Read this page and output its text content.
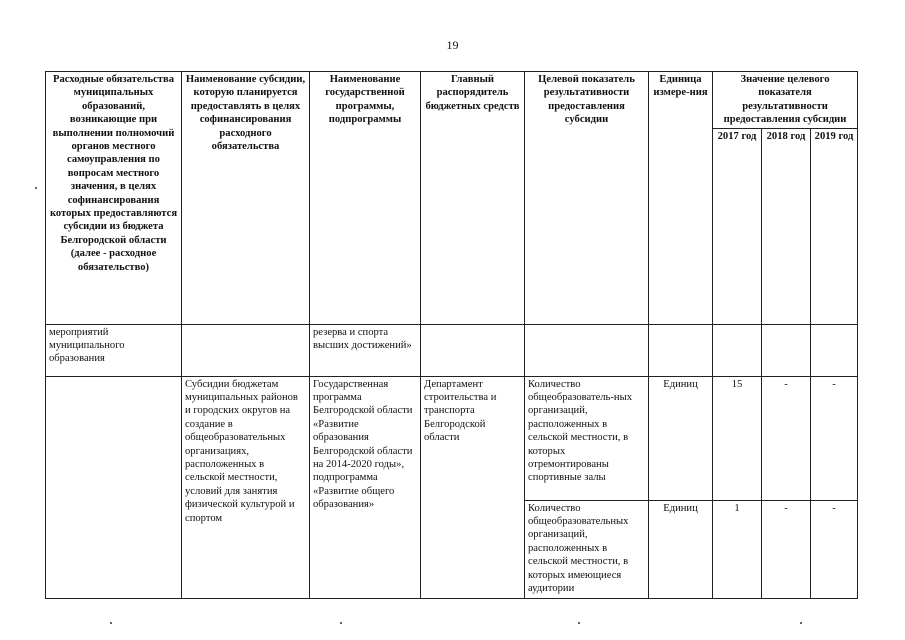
19
Расходные обязательства муниципальных образований, возникающие при выполнении полномочий органов местного самоуправления по вопросам местного значения, в целях софинансирования которых предоставляются субсидии из бюджета Белгородской области (далее - расходное обязательство)	Наименование субсидии, которую планируется предоставлять в целях софинансирования расходного обязательства	Наименование государственной программы, подпрограммы	Главный распорядитель бюджетных средств	Целевой показатель результативности предоставления субсидии	Единица измере-ния	Значение целевого показателя результативности предоставления субсидии		
						2017 год	2018 год	2019 год
мероприятий муниципального образования		резерва и спорта высших достижений»						
	Субсидии бюджетам муниципальных районов и городских округов на создание в общеобразовательных организациях, расположенных в сельской местности, условий для занятия физической культурой и спортом	Государственная программа Белгородской области «Развитие образования Белгородской области на 2014-2020 годы», подпрограмма «Развитие общего образования»	Департамент строительства и транспорта Белгородской области	Количество общеобразователь-ных организаций, расположенных в сельской местности, в которых отремонтированы спортивные залы	Единиц	15	-	-
				Количество общеобразовательных организаций, расположенных в сельской местности, в которых имеющиеся аудитории	Единиц	1	-	-
